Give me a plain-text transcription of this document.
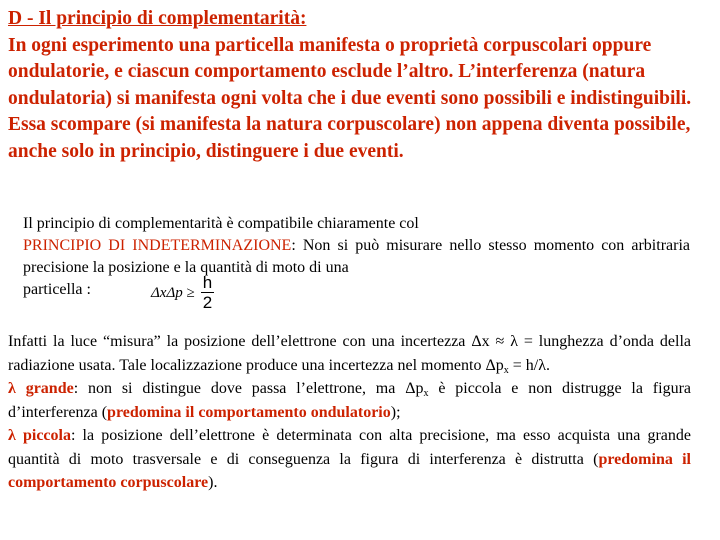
D - Il principio di complementarità:

In ogni esperimento una particella manifesta o proprietà corpuscolari oppure ondulatorie, e ciascun comportamento esclude l’altro. L’interferenza (natura ondulatoria) si manifesta ogni volta che i due eventi sono possibili e indistinguibili. Essa scompare (si manifesta la natura corpuscolare) non appena diventa possibile, anche solo in principio, distinguere i due eventi.

Il principio di complementarità è compatibile chiaramente col
PRINCIPIO DI INDETERMINAZIONE: Non si può misurare nello stesso momento con arbitraria precisione la posizione e la quantità di moto di una
particella :	$\Delta x\Delta p \ge \frac{h}{2}$

Infatti la luce “misura” la posizione dell’elettrone con una incertezza Δx ≈ λ = lunghezza d’onda della radiazione usata. Tale localizzazione produce una incertezza nel momento $\Delta p_x = h/\lambda$.

λ grande: non si distingue dove passa l’elettrone, ma $\Delta p_x$ è piccola e non distrugge la figura d’interferenza (predomina il comportamento ondulatorio);

λ piccola: la posizione dell’elettrone è determinata con alta precisione, ma esso acquista una grande quantità di moto trasversale e di conseguenza la figura di interferenza è distrutta (predomina il comportamento corpuscolare).
